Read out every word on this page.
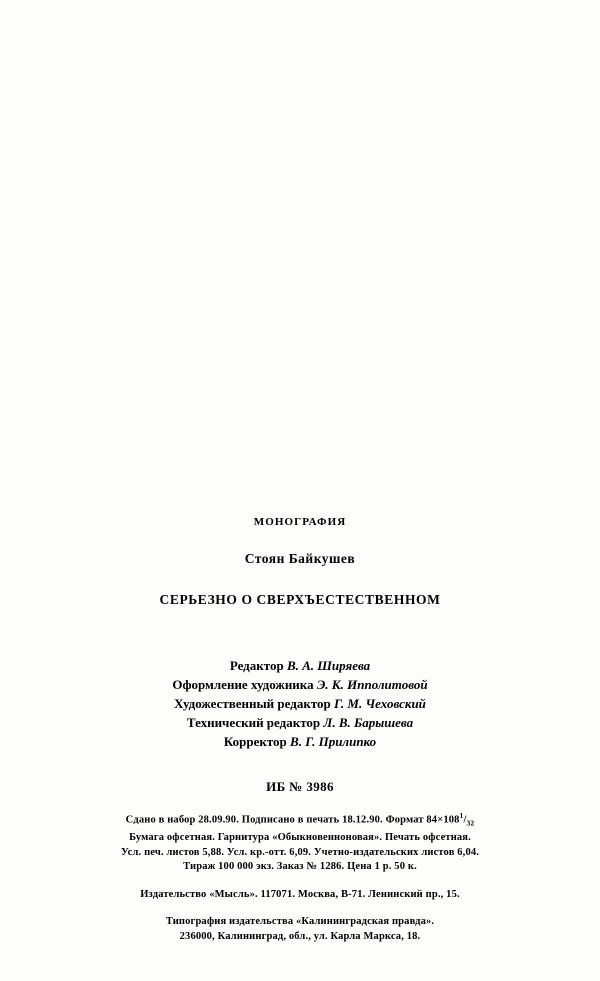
МОНОГРАФИЯ
Стоян Байкушев
СЕРЬЕЗНО О СВЕРХЪЕСТЕСТВЕННОМ
Редактор В. А. Ширяева
Оформление художника Э. К. Ипполитовой
Художественный редактор Г. М. Чеховский
Технический редактор Л. В. Барышева
Корректор В. Г. Прилипко
ИБ № 3986
Сдано в набор 28.09.90. Подписано в печать 18.12.90. Формат $84\times 108^1/_{32}$
Бумага офсетная. Гарнитура «Обыкновенноновая». Печать офсетная.
Усл. печ. листов 5,88. Усл. кр.-отт. 6,09. Учетно-издательских листов 6,04.
Тираж 100 000 экз. Заказ № 1286. Цена 1 р. 50 к.
Издательство «Мысль». 117071. Москва, В-71. Ленинский пр., 15.
Типография издательства «Калининградская правда».
236000, Калининград, обл., ул. Карла Маркса, 18.
